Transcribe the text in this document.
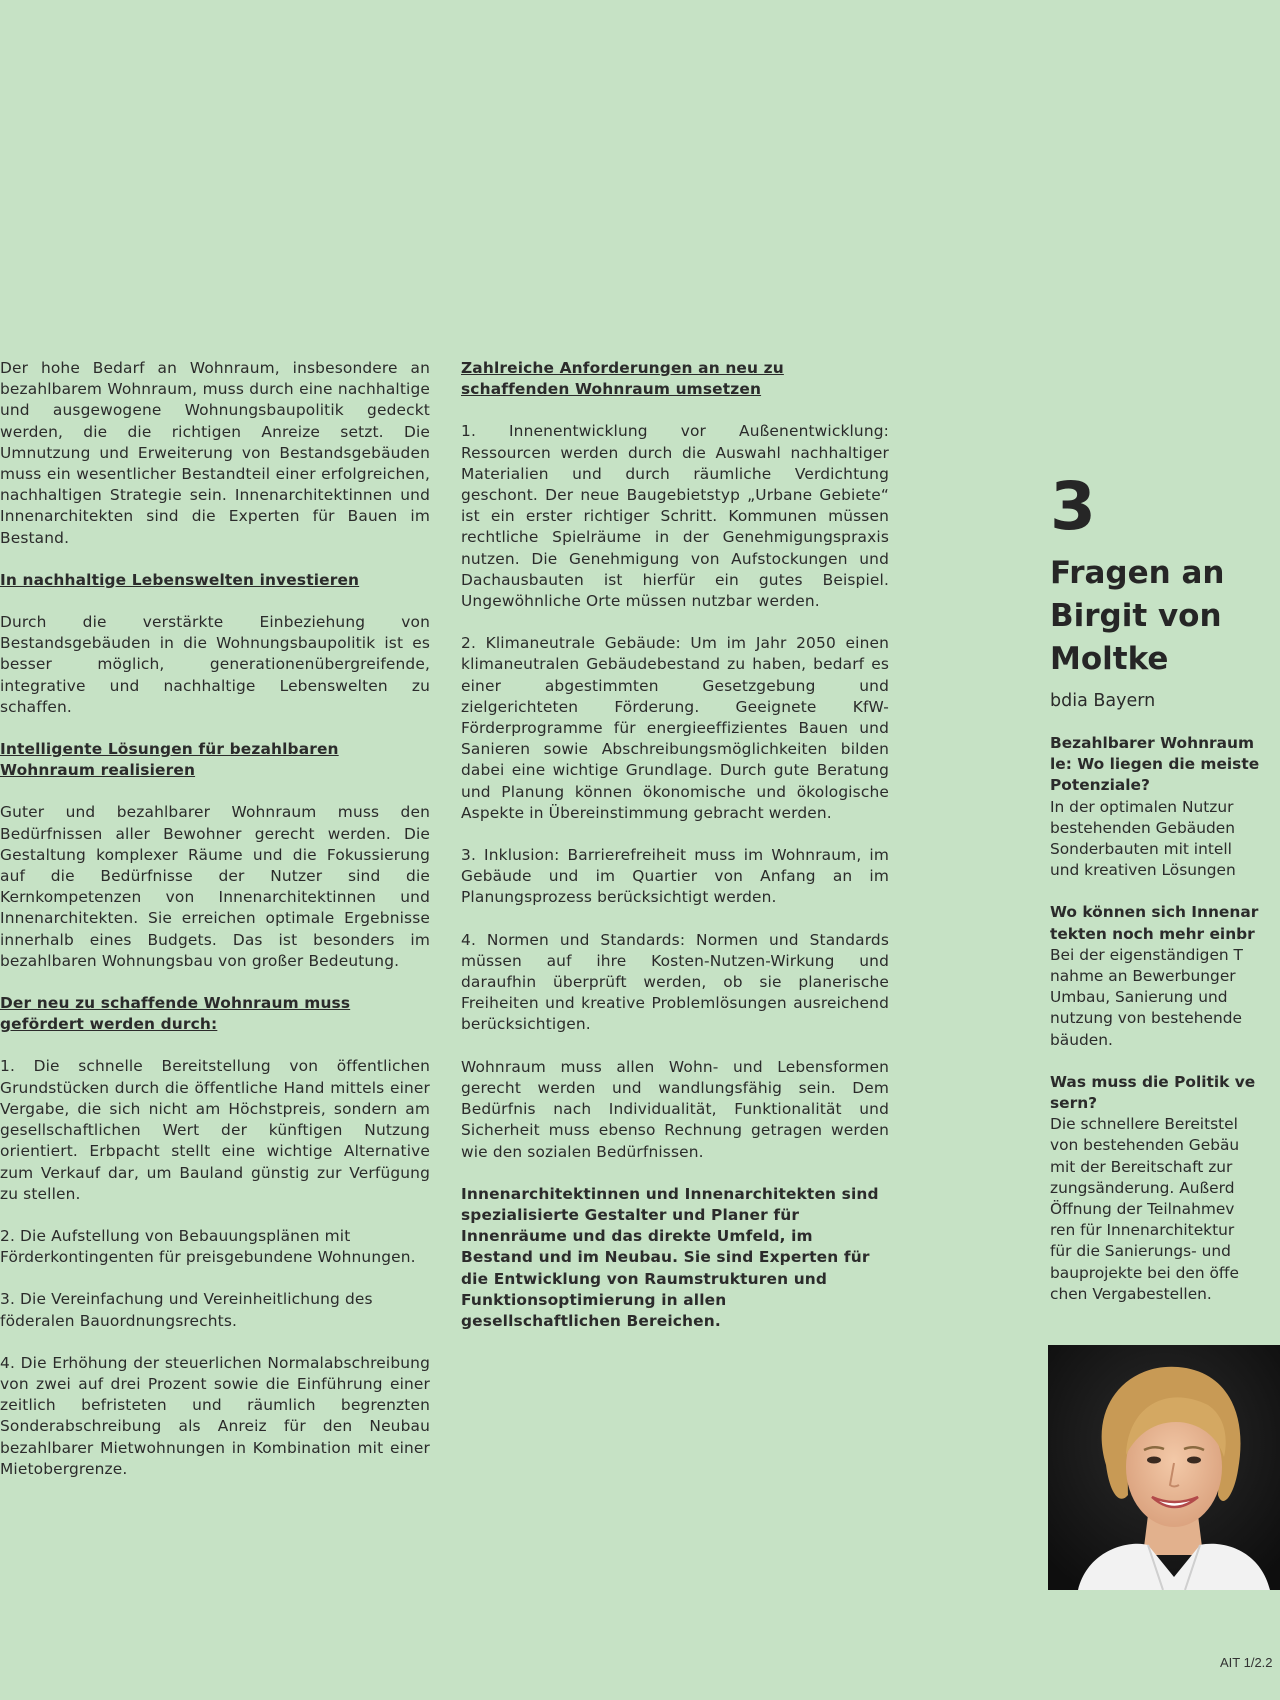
Der hohe Bedarf an Wohnraum, insbesondere an bezahlbarem Wohnraum, muss durch eine nachhaltige und ausgewogene Wohnungsbaupolitik gedeckt werden, die die richtigen Anreize setzt. Die Umnutzung und Erweiterung von Bestandsgebäuden muss ein wesentlicher Bestandteil einer erfolgreichen, nachhaltigen Strategie sein. Innenarchitektinnen und Innenarchitekten sind die Experten für Bauen im Bestand.

In nachhaltige Lebenswelten investieren

Durch die verstärkte Einbeziehung von Bestandsgebäuden in die Wohnungsbaupolitik ist es besser möglich, generationenübergreifende, integrative und nachhaltige Lebenswelten zu schaffen.

Intelligente Lösungen für bezahlbaren Wohnraum realisieren

Guter und bezahlbarer Wohnraum muss den Bedürfnissen aller Bewohner gerecht werden. Die Gestaltung komplexer Räume und die Fokussierung auf die Bedürfnisse der Nutzer sind die Kernkompetenzen von Innenarchitektinnen und Innenarchitekten. Sie erreichen optimale Ergebnisse innerhalb eines Budgets. Das ist besonders im bezahlbaren Wohnungsbau von großer Bedeutung.

Der neu zu schaffende Wohnraum muss gefördert werden durch:

1. Die schnelle Bereitstellung von öffentlichen Grundstücken durch die öffentliche Hand mittels einer Vergabe, die sich nicht am Höchstpreis, sondern am gesellschaftlichen Wert der künftigen Nutzung orientiert. Erbpacht stellt eine wichtige Alternative zum Verkauf dar, um Bauland günstig zur Verfügung zu stellen.

2. Die Aufstellung von Bebauungsplänen mit Förderkontingenten für preisgebundene Wohnungen.

3. Die Vereinfachung und Vereinheitlichung des föderalen Bauordnungsrechts.

4. Die Erhöhung der steuerlichen Normalabschreibung von zwei auf drei Prozent sowie die Einführung einer zeitlich befristeten und räumlich begrenzten Sonderabschreibung als Anreiz für den Neubau bezahlbarer Mietwohnungen in Kombination mit einer Mietobergrenze.

Zahlreiche Anforderungen an neu zu schaffenden Wohnraum umsetzen

1. Innenentwicklung vor Außenentwicklung: Ressourcen werden durch die Auswahl nachhaltiger Materialien und durch räumliche Verdichtung geschont. Der neue Baugebietstyp „Urbane Gebiete“ ist ein erster richtiger Schritt. Kommunen müssen rechtliche Spielräume in der Genehmigungspraxis nutzen. Die Genehmigung von Aufstockungen und Dachausbauten ist hierfür ein gutes Beispiel. Ungewöhnliche Orte müssen nutzbar werden.

2. Klimaneutrale Gebäude: Um im Jahr 2050 einen klimaneutralen Gebäudebestand zu haben, bedarf es einer abgestimmten Gesetzgebung und zielgerichteten Förderung. Geeignete KfW-Förderprogramme für energieeffizientes Bauen und Sanieren sowie Abschreibungsmöglichkeiten bilden dabei eine wichtige Grundlage. Durch gute Beratung und Planung können ökonomische und ökologische Aspekte in Übereinstimmung gebracht werden.

3. Inklusion: Barrierefreiheit muss im Wohnraum, im Gebäude und im Quartier von Anfang an im Planungsprozess berücksichtigt werden.

4. Normen und Standards: Normen und Standards müssen auf ihre Kosten-Nutzen-Wirkung und daraufhin überprüft werden, ob sie planerische Freiheiten und kreative Problemlösungen ausreichend berücksichtigen.

Wohnraum muss allen Wohn- und Lebensformen gerecht werden und wandlungsfähig sein. Dem Bedürfnis nach Individualität, Funktionalität und Sicherheit muss ebenso Rechnung getragen werden wie den sozialen Bedürfnissen.

Innenarchitektinnen und Innenarchitekten sind spezialisierte Gestalter und Planer für Innenräume und das direkte Umfeld, im Bestand und im Neubau. Sie sind Experten für die Entwicklung von Raumstrukturen und Funktionsoptimierung in allen gesellschaftlichen Bereichen.

3
Fragen an
Birgit von
Moltke
bdia Bayern
Bezahlbarer Wohnraum
le: Wo liegen die meiste
Potenziale?
In der optimalen Nutzur
bestehenden Gebäuden
Sonderbauten mit intell
und kreativen Lösungen
Wo können sich Innenar
tekten noch mehr einbr
Bei der eigenständigen T
nahme an Bewerbunger
Umbau, Sanierung und
nutzung von bestehende
bäuden.
Was muss die Politik ve
sern?
Die schnellere Bereitstel
von bestehenden Gebäu
mit der Bereitschaft zur
zungsänderung. Außerd
Öffnung der Teilnahmev
ren für Innenarchitektur
für die Sanierungs- und
bauprojekte bei den öffe
chen Vergabestellen.
AIT 1/2.2
